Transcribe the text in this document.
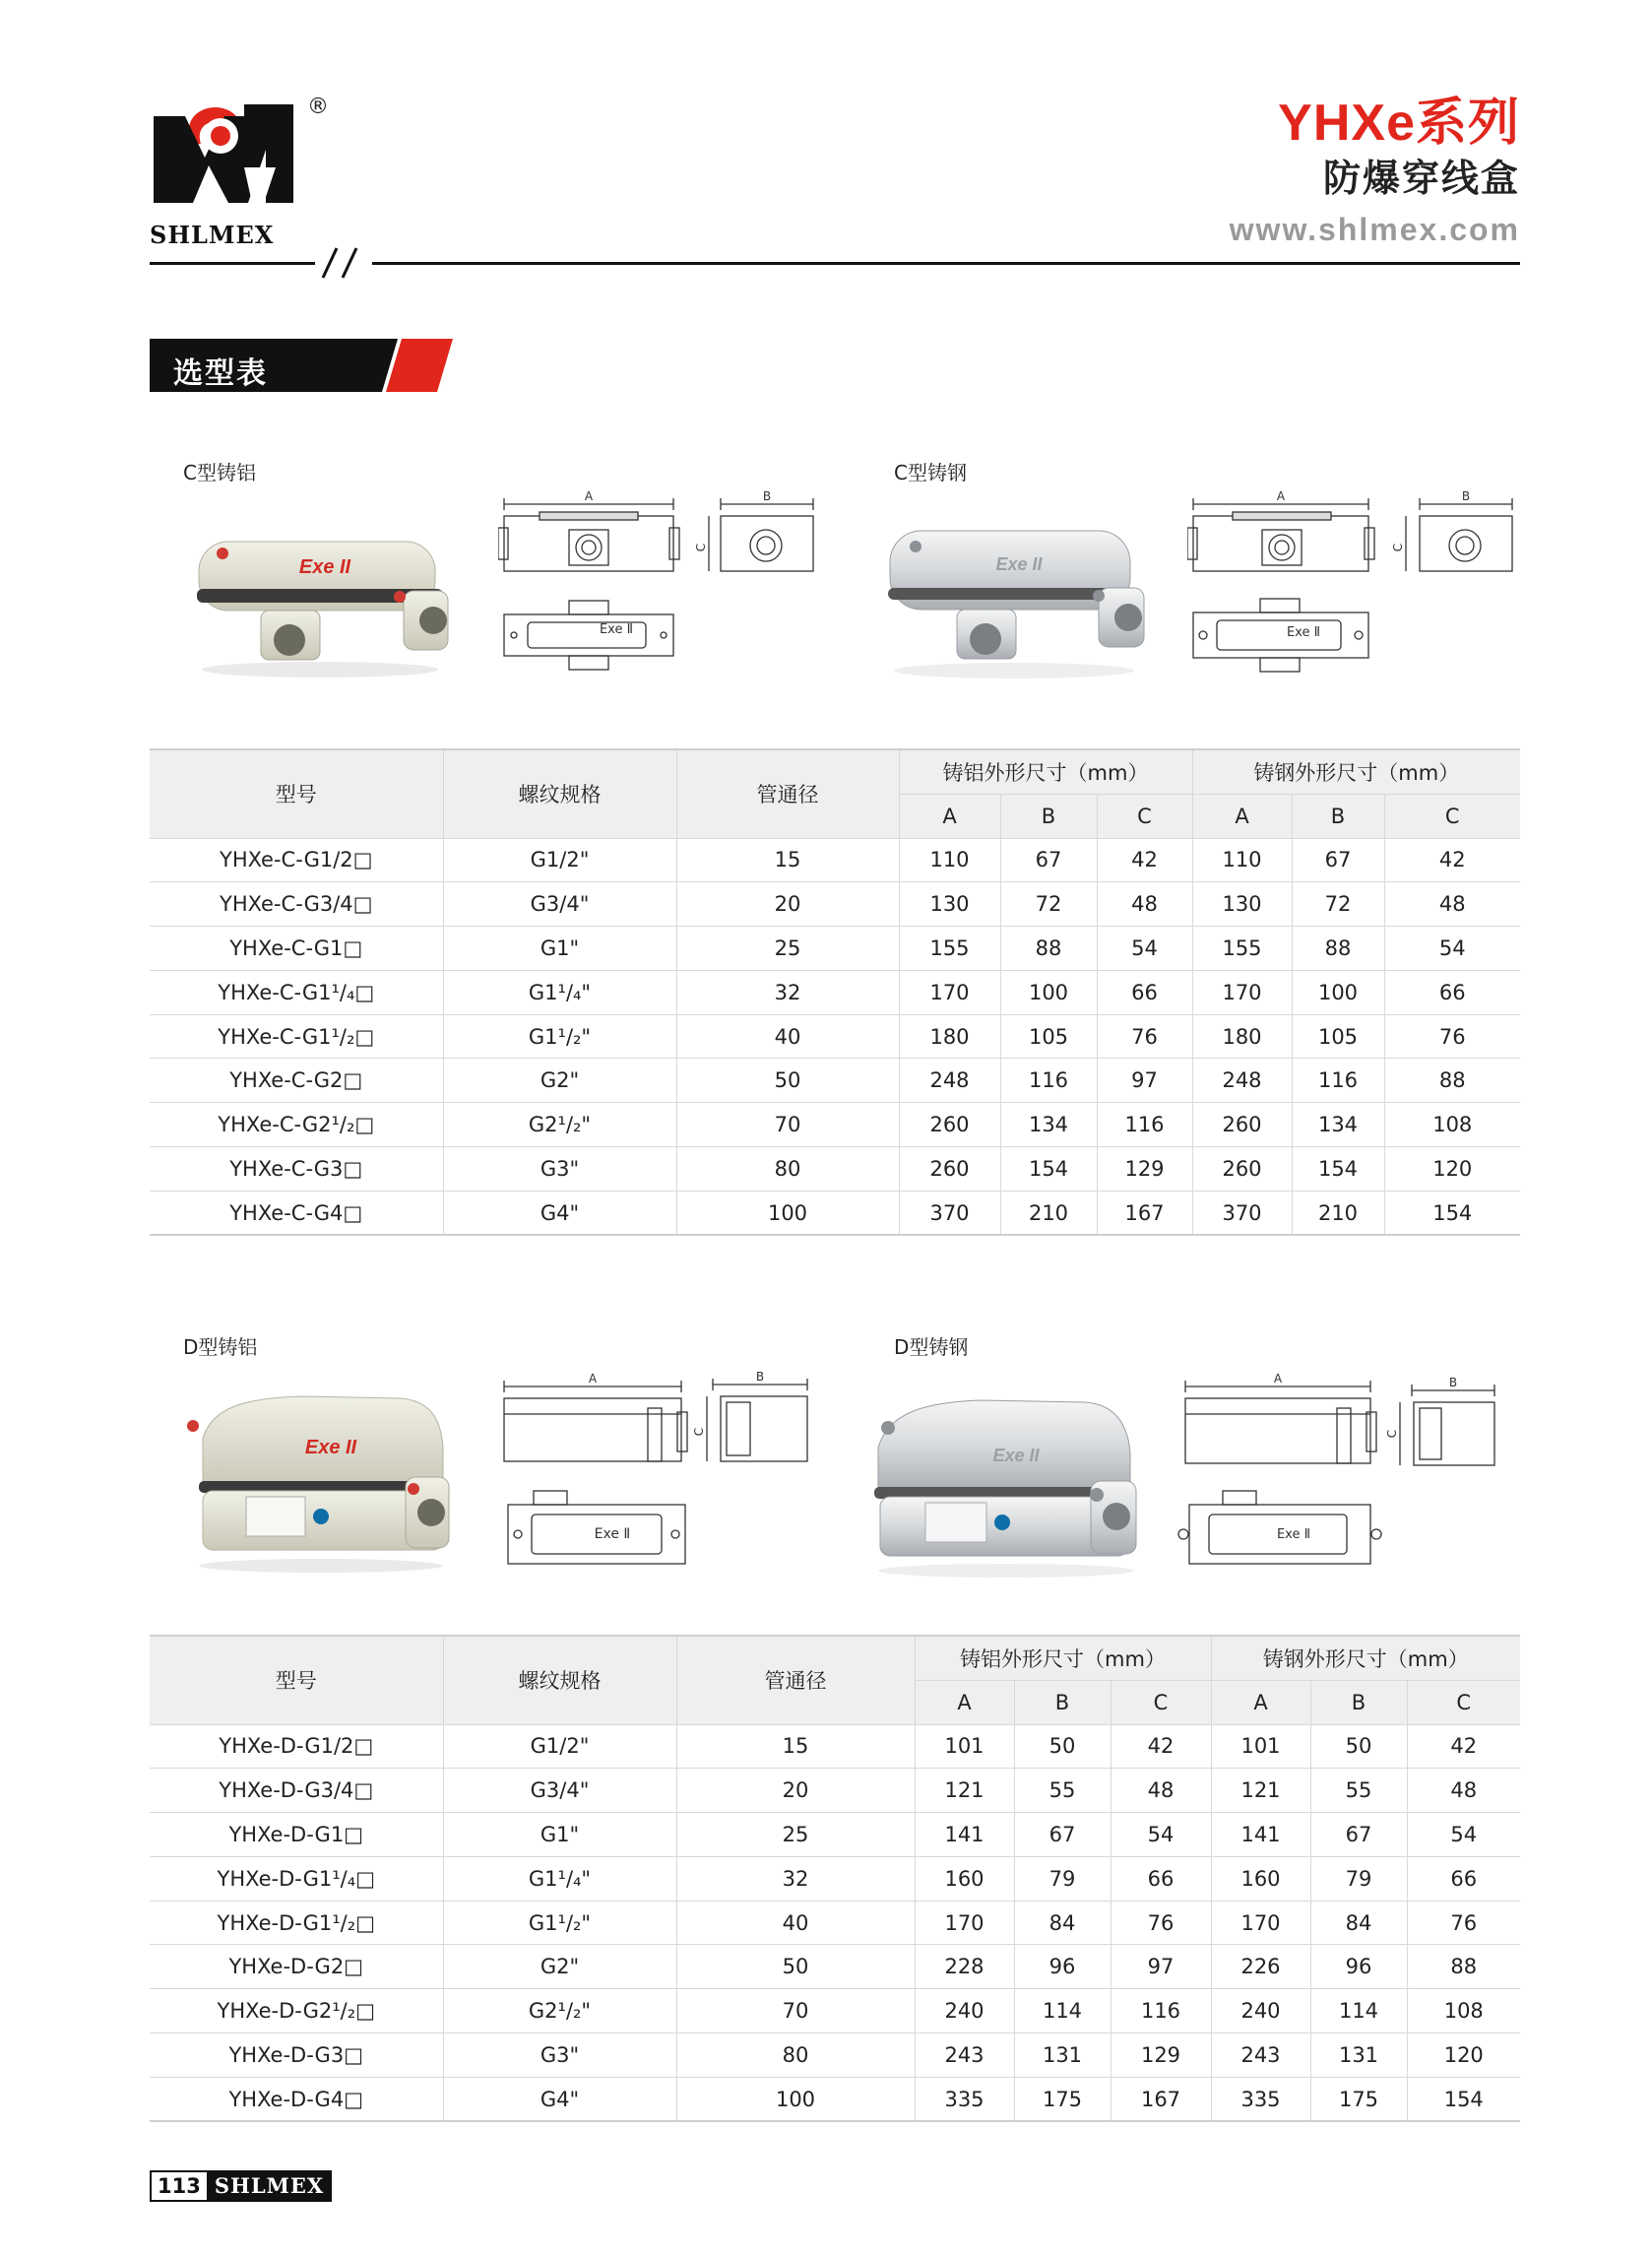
®
SHLMEX
YHXe系列
防爆穿线盒
www.shlmex.com
选型表
C型铸铝	C型铸钢
Exe II
A	B
C
Exe Ⅱ
Exe II
A	B
C
Exe Ⅱ
型号	螺纹规格	管通径	铸铝外形尺寸（mm）			铸钢外形尺寸（mm）		
			A	B	C	A	B	C
YHXe-C-G1/2□	G1/2"	15	110	67	42	110	67	42
YHXe-C-G3/4□	G3/4"	20	130	72	48	130	72	48
YHXe-C-G1□	G1"	25	155	88	54	155	88	54
YHXe-C-G1¹/₄□	G1¹/₄"	32	170	100	66	170	100	66
YHXe-C-G1¹/₂□	G1¹/₂"	40	180	105	76	180	105	76
YHXe-C-G2□	G2"	50	248	116	97	248	116	88
YHXe-C-G2¹/₂□	G2¹/₂"	70	260	134	116	260	134	108
YHXe-C-G3□	G3"	80	260	154	129	260	154	120
YHXe-C-G4□	G4"	100	370	210	167	370	210	154
D型铸铝	D型铸钢
Exe II
A	B
C
Exe Ⅱ
Exe II
A	B
C
Exe Ⅱ
型号	螺纹规格	管通径	铸铝外形尺寸（mm）			铸钢外形尺寸（mm）		
			A	B	C	A	B	C
YHXe-D-G1/2□	G1/2"	15	101	50	42	101	50	42
YHXe-D-G3/4□	G3/4"	20	121	55	48	121	55	48
YHXe-D-G1□	G1"	25	141	67	54	141	67	54
YHXe-D-G1¹/₄□	G1¹/₄"	32	160	79	66	160	79	66
YHXe-D-G1¹/₂□	G1¹/₂"	40	170	84	76	170	84	76
YHXe-D-G2□	G2"	50	228	96	97	226	96	88
YHXe-D-G2¹/₂□	G2¹/₂"	70	240	114	116	240	114	108
YHXe-D-G3□	G3"	80	243	131	129	243	131	120
YHXe-D-G4□	G4"	100	335	175	167	335	175	154
113 SHLMEX
